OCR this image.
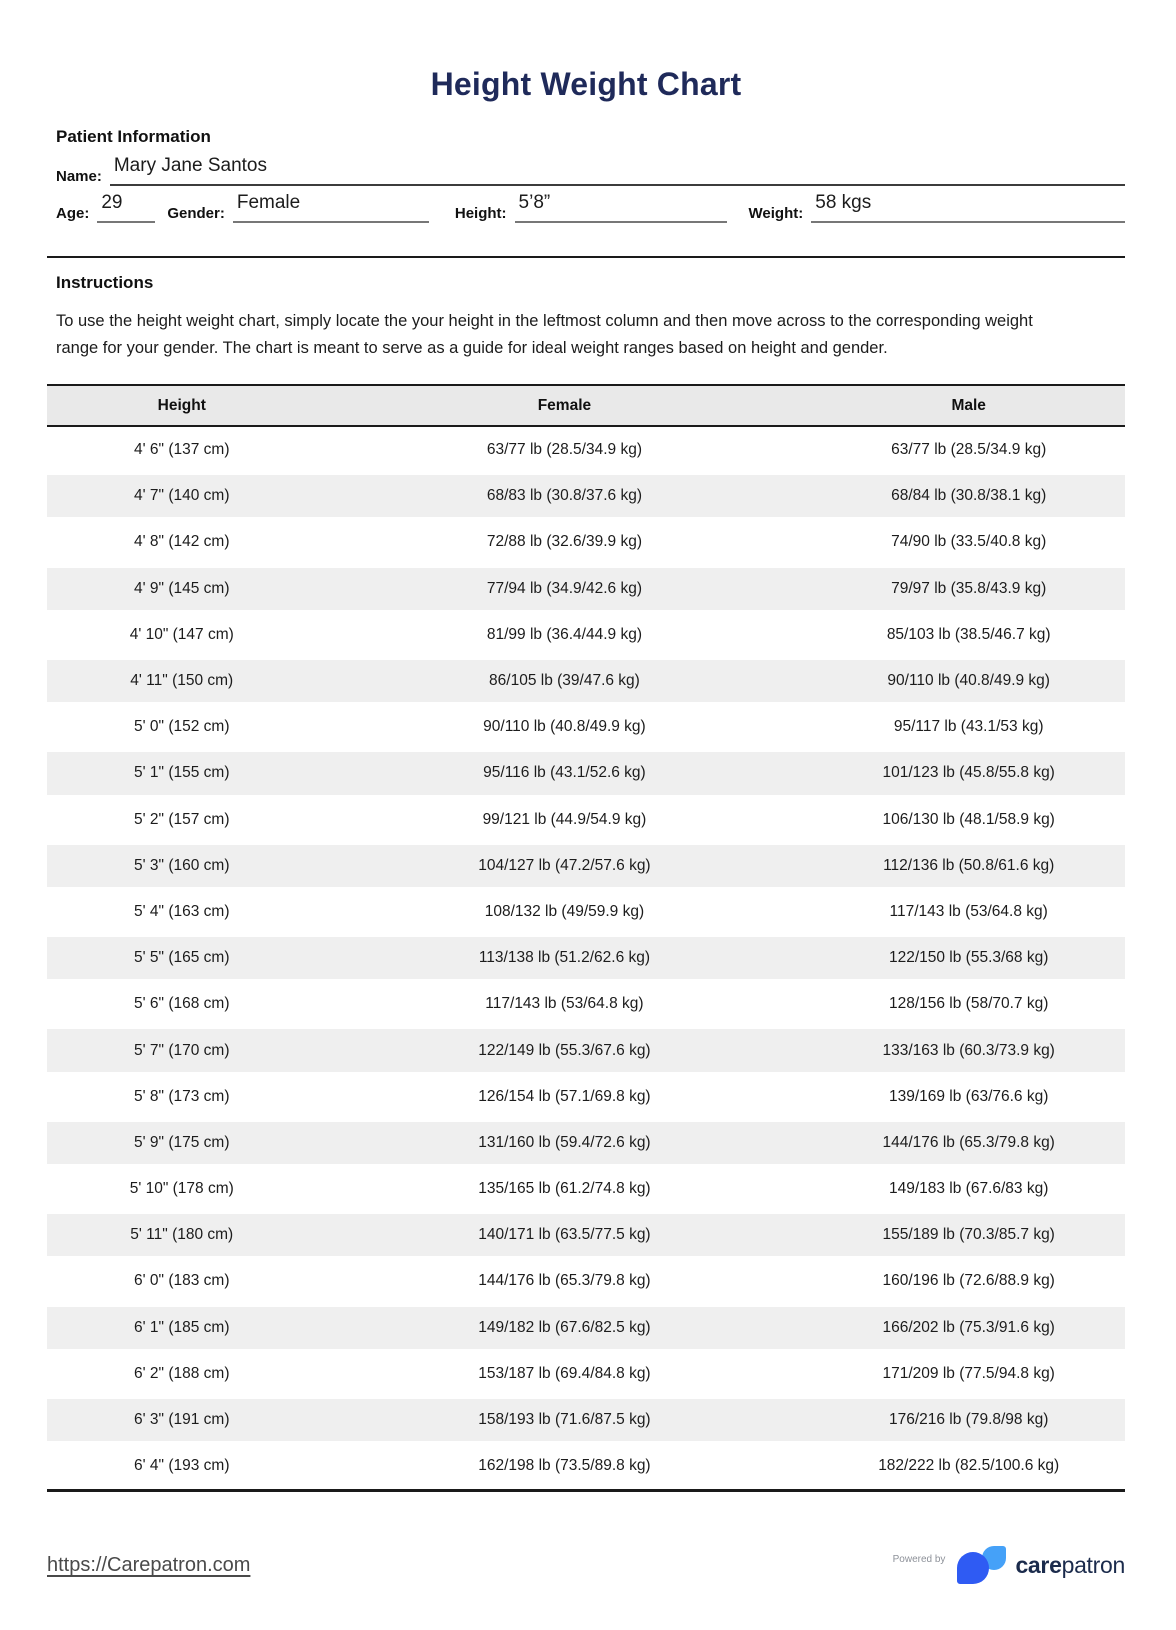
Height Weight Chart
Patient Information
Name:
Mary Jane Santos
Age:
29
Gender:
Female
Height:
5’8”
Weight:
58 kgs
Instructions

To use the height weight chart, simply locate the your height in the leftmost column and then move across to the corresponding weight range for your gender. The chart is meant to serve as a guide for ideal weight ranges based on height and gender.

Height	Female	Male
4' 6" (137 cm)	63/77 lb (28.5/34.9 kg)	63/77 lb (28.5/34.9 kg)
4' 7" (140 cm)	68/83 lb (30.8/37.6 kg)	68/84 lb (30.8/38.1 kg)
4' 8" (142 cm)	72/88 lb (32.6/39.9 kg)	74/90 lb (33.5/40.8 kg)
4' 9" (145 cm)	77/94 lb (34.9/42.6 kg)	79/97 lb (35.8/43.9 kg)
4' 10" (147 cm)	81/99 lb (36.4/44.9 kg)	85/103 lb (38.5/46.7 kg)
4' 11" (150 cm)	86/105 lb (39/47.6 kg)	90/110 lb (40.8/49.9 kg)
5' 0" (152 cm)	90/110 lb (40.8/49.9 kg)	95/117 lb (43.1/53 kg)
5' 1" (155 cm)	95/116 lb (43.1/52.6 kg)	101/123 lb (45.8/55.8 kg)
5' 2" (157 cm)	99/121 lb (44.9/54.9 kg)	106/130 lb (48.1/58.9 kg)
5' 3" (160 cm)	104/127 lb (47.2/57.6 kg)	112/136 lb (50.8/61.6 kg)
5' 4" (163 cm)	108/132 lb (49/59.9 kg)	117/143 lb (53/64.8 kg)
5' 5" (165 cm)	113/138 lb (51.2/62.6 kg)	122/150 lb (55.3/68 kg)
5' 6" (168 cm)	117/143 lb (53/64.8 kg)	128/156 lb (58/70.7 kg)
5' 7" (170 cm)	122/149 lb (55.3/67.6 kg)	133/163 lb (60.3/73.9 kg)
5' 8" (173 cm)	126/154 lb (57.1/69.8 kg)	139/169 lb (63/76.6 kg)
5' 9" (175 cm)	131/160 lb (59.4/72.6 kg)	144/176 lb (65.3/79.8 kg)
5' 10" (178 cm)	135/165 lb (61.2/74.8 kg)	149/183 lb (67.6/83 kg)
5' 11" (180 cm)	140/171 lb (63.5/77.5 kg)	155/189 lb (70.3/85.7 kg)
6' 0" (183 cm)	144/176 lb (65.3/79.8 kg)	160/196 lb (72.6/88.9 kg)
6' 1" (185 cm)	149/182 lb (67.6/82.5 kg)	166/202 lb (75.3/91.6 kg)
6' 2" (188 cm)	153/187 lb (69.4/84.8 kg)	171/209 lb (77.5/94.8 kg)
6' 3" (191 cm)	158/193 lb (71.6/87.5 kg)	176/216 lb (79.8/98 kg)
6' 4" (193 cm)	162/198 lb (73.5/89.8 kg)	182/222 lb (82.5/100.6 kg)
https://Carepatron.com	Powered by	carepatron
